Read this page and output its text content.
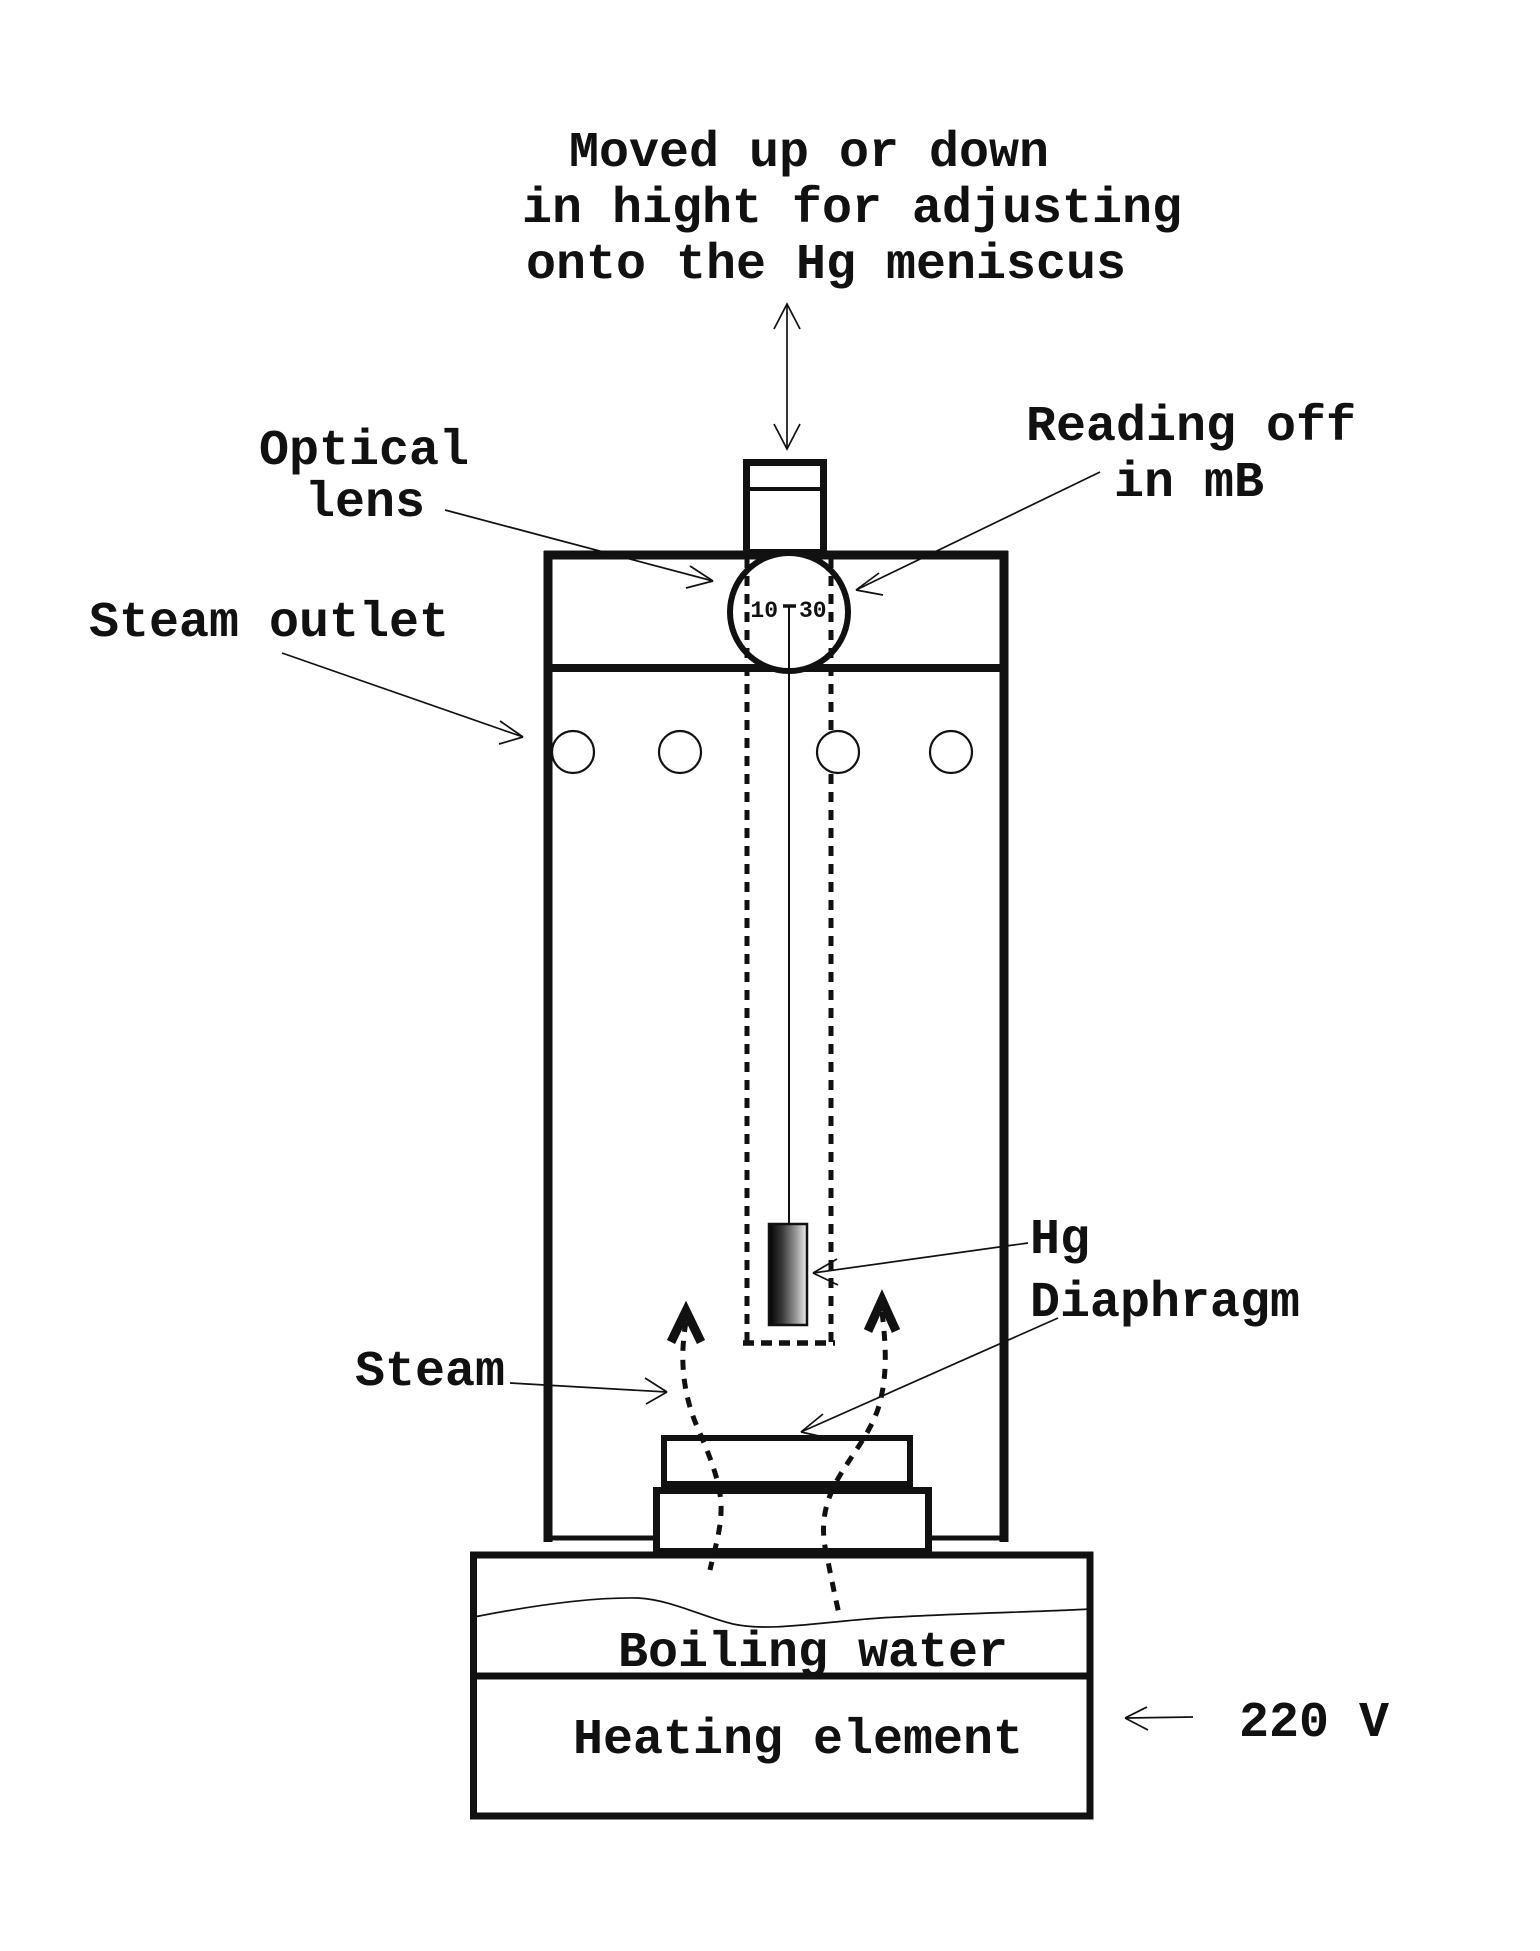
Moved up or down
in hight for adjusting
onto the Hg meniscus
10 30
Boiling water
Heating element
Optical
lens
Steam outlet
Reading off
in mB
Hg
Diaphragm
Steam
220 V
